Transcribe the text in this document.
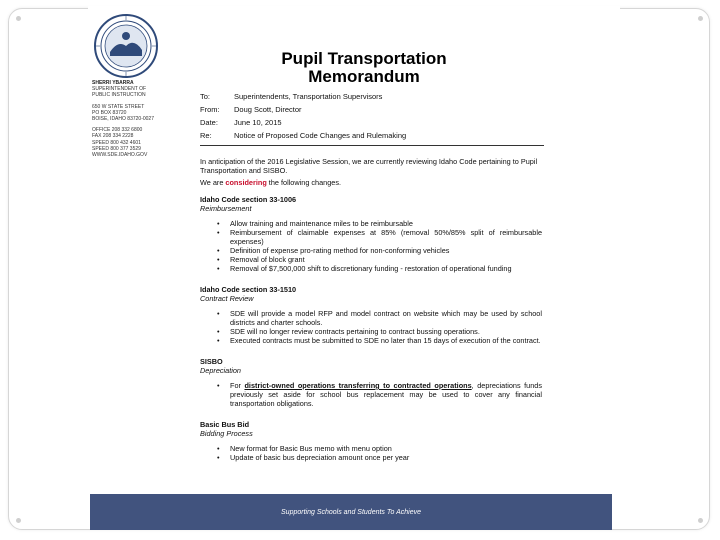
SHERRI YBARRA
SUPERINTENDENT OF
PUBLIC INSTRUCTION
650 W STATE STREET
PO BOX 83720
BOISE, IDAHO 83720-0027
OFFICE 208 332 6800
FAX 208 334 2228
SPEED 800 432 4601
SPEED 800 377 3529
WWW.SDE.IDAHO.GOV
Pupil Transportation
Memorandum
To:	Superintendents, Transportation Supervisors
From:	Doug Scott, Director
Date:	June 10, 2015
Re:	Notice of Proposed Code Changes and Rulemaking

In anticipation of the 2016 Legislative Session, we are currently reviewing Idaho Code pertaining to Pupil Transportation and SISBO.

We are considering the following changes.

Idaho Code section 33-1006
Reimbursement
• Allow training and maintenance miles to be reimbursable
• Reimbursement of claimable expenses at 85% (removal 50%/85% split of reimbursable expenses)
• Definition of expense pro-rating method for non-conforming vehicles
• Removal of block grant
• Removal of $7,500,000 shift to discretionary funding - restoration of operational funding
Idaho Code section 33-1510
Contract Review
• SDE will provide a model RFP and model contract on website which may be used by school districts and charter schools.
• SDE will no longer review contracts pertaining to contract bussing operations.
• Executed contracts must be submitted to SDE no later than 15 days of execution of the contract.
SISBO
Depreciation
• For district-owned operations transferring to contracted operations, depreciations funds previously set aside for school bus replacement may be used to cover any financial transportation obligations.
Basic Bus Bid
Bidding Process
• New format for Basic Bus memo with menu option
• Update of basic bus depreciation amount once per year
Supporting Schools and Students To Achieve
